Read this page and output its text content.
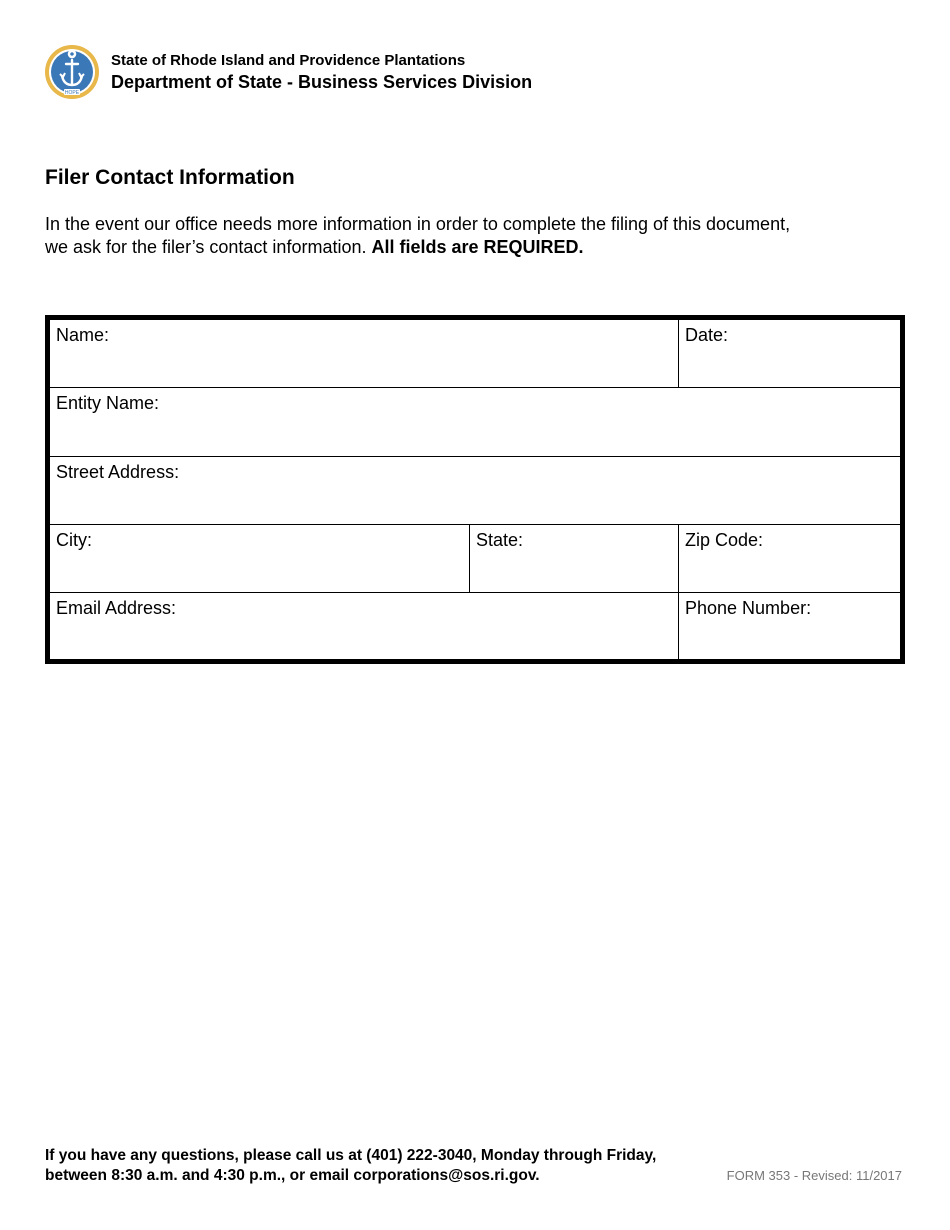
HOPE
State of Rhode Island and Providence Plantations
Department of State - Business Services Division
Filer Contact Information
In the event our office needs more information in order to complete the filing of this document, we ask for the filer’s contact information. All fields are REQUIRED.
Name:	Date:
Entity Name:
Street Address:
City:	State:	Zip Code:
Email Address:	Phone Number:
If you have any questions, please call us at (401) 222-3040, Monday through Friday,
between 8:30 a.m. and 4:30 p.m., or email corporations@sos.ri.gov.	FORM 353 - Revised: 11/2017
